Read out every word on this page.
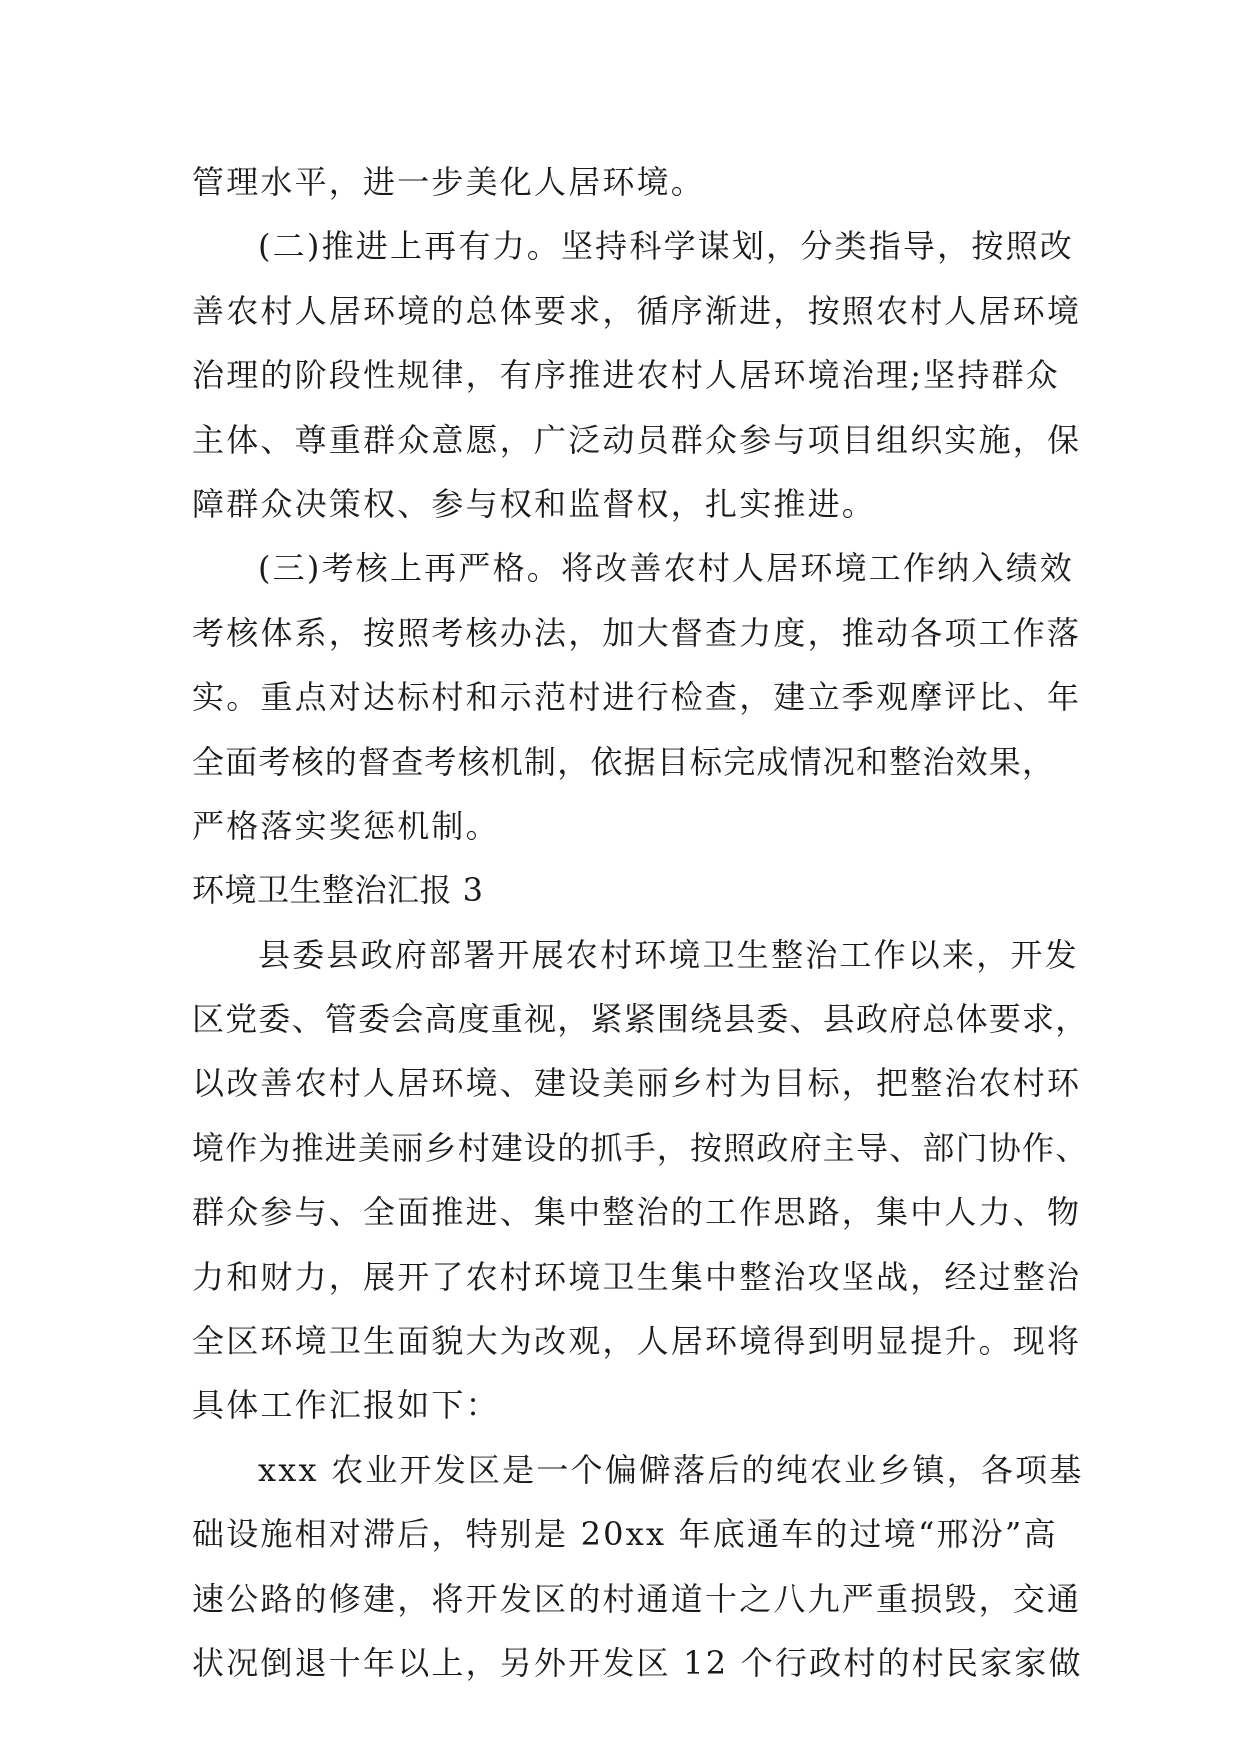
管理水平，进一步美化人居环境。
(二)推进上再有力。坚持科学谋划，分类指导，按照改
善农村人居环境的总体要求，循序渐进，按照农村人居环境
治理的阶段性规律，有序推进农村人居环境治理;坚持群众
主体、尊重群众意愿，广泛动员群众参与项目组织实施，保
障群众决策权、参与权和监督权，扎实推进。
(三)考核上再严格。将改善农村人居环境工作纳入绩效
考核体系，按照考核办法，加大督查力度，推动各项工作落
实。重点对达标村和示范村进行检查，建立季观摩评比、年
全面考核的督查考核机制，依据目标完成情况和整治效果，
严格落实奖惩机制。
环境卫生整治汇报 3
县委县政府部署开展农村环境卫生整治工作以来，开发
区党委、管委会高度重视，紧紧围绕县委、县政府总体要求，
以改善农村人居环境、建设美丽乡村为目标，把整治农村环
境作为推进美丽乡村建设的抓手，按照政府主导、部门协作、
群众参与、全面推进、集中整治的工作思路，集中人力、物
力和财力，展开了农村环境卫生集中整治攻坚战，经过整治
全区环境卫生面貌大为改观，人居环境得到明显提升。现将
具体工作汇报如下：
xxx 农业开发区是一个偏僻落后的纯农业乡镇，各项基
础设施相对滞后，特别是 20xx 年底通车的过境“邢汾”高
速公路的修建，将开发区的村通道十之八九严重损毁，交通
状况倒退十年以上，另外开发区 12 个行政村的村民家家做
